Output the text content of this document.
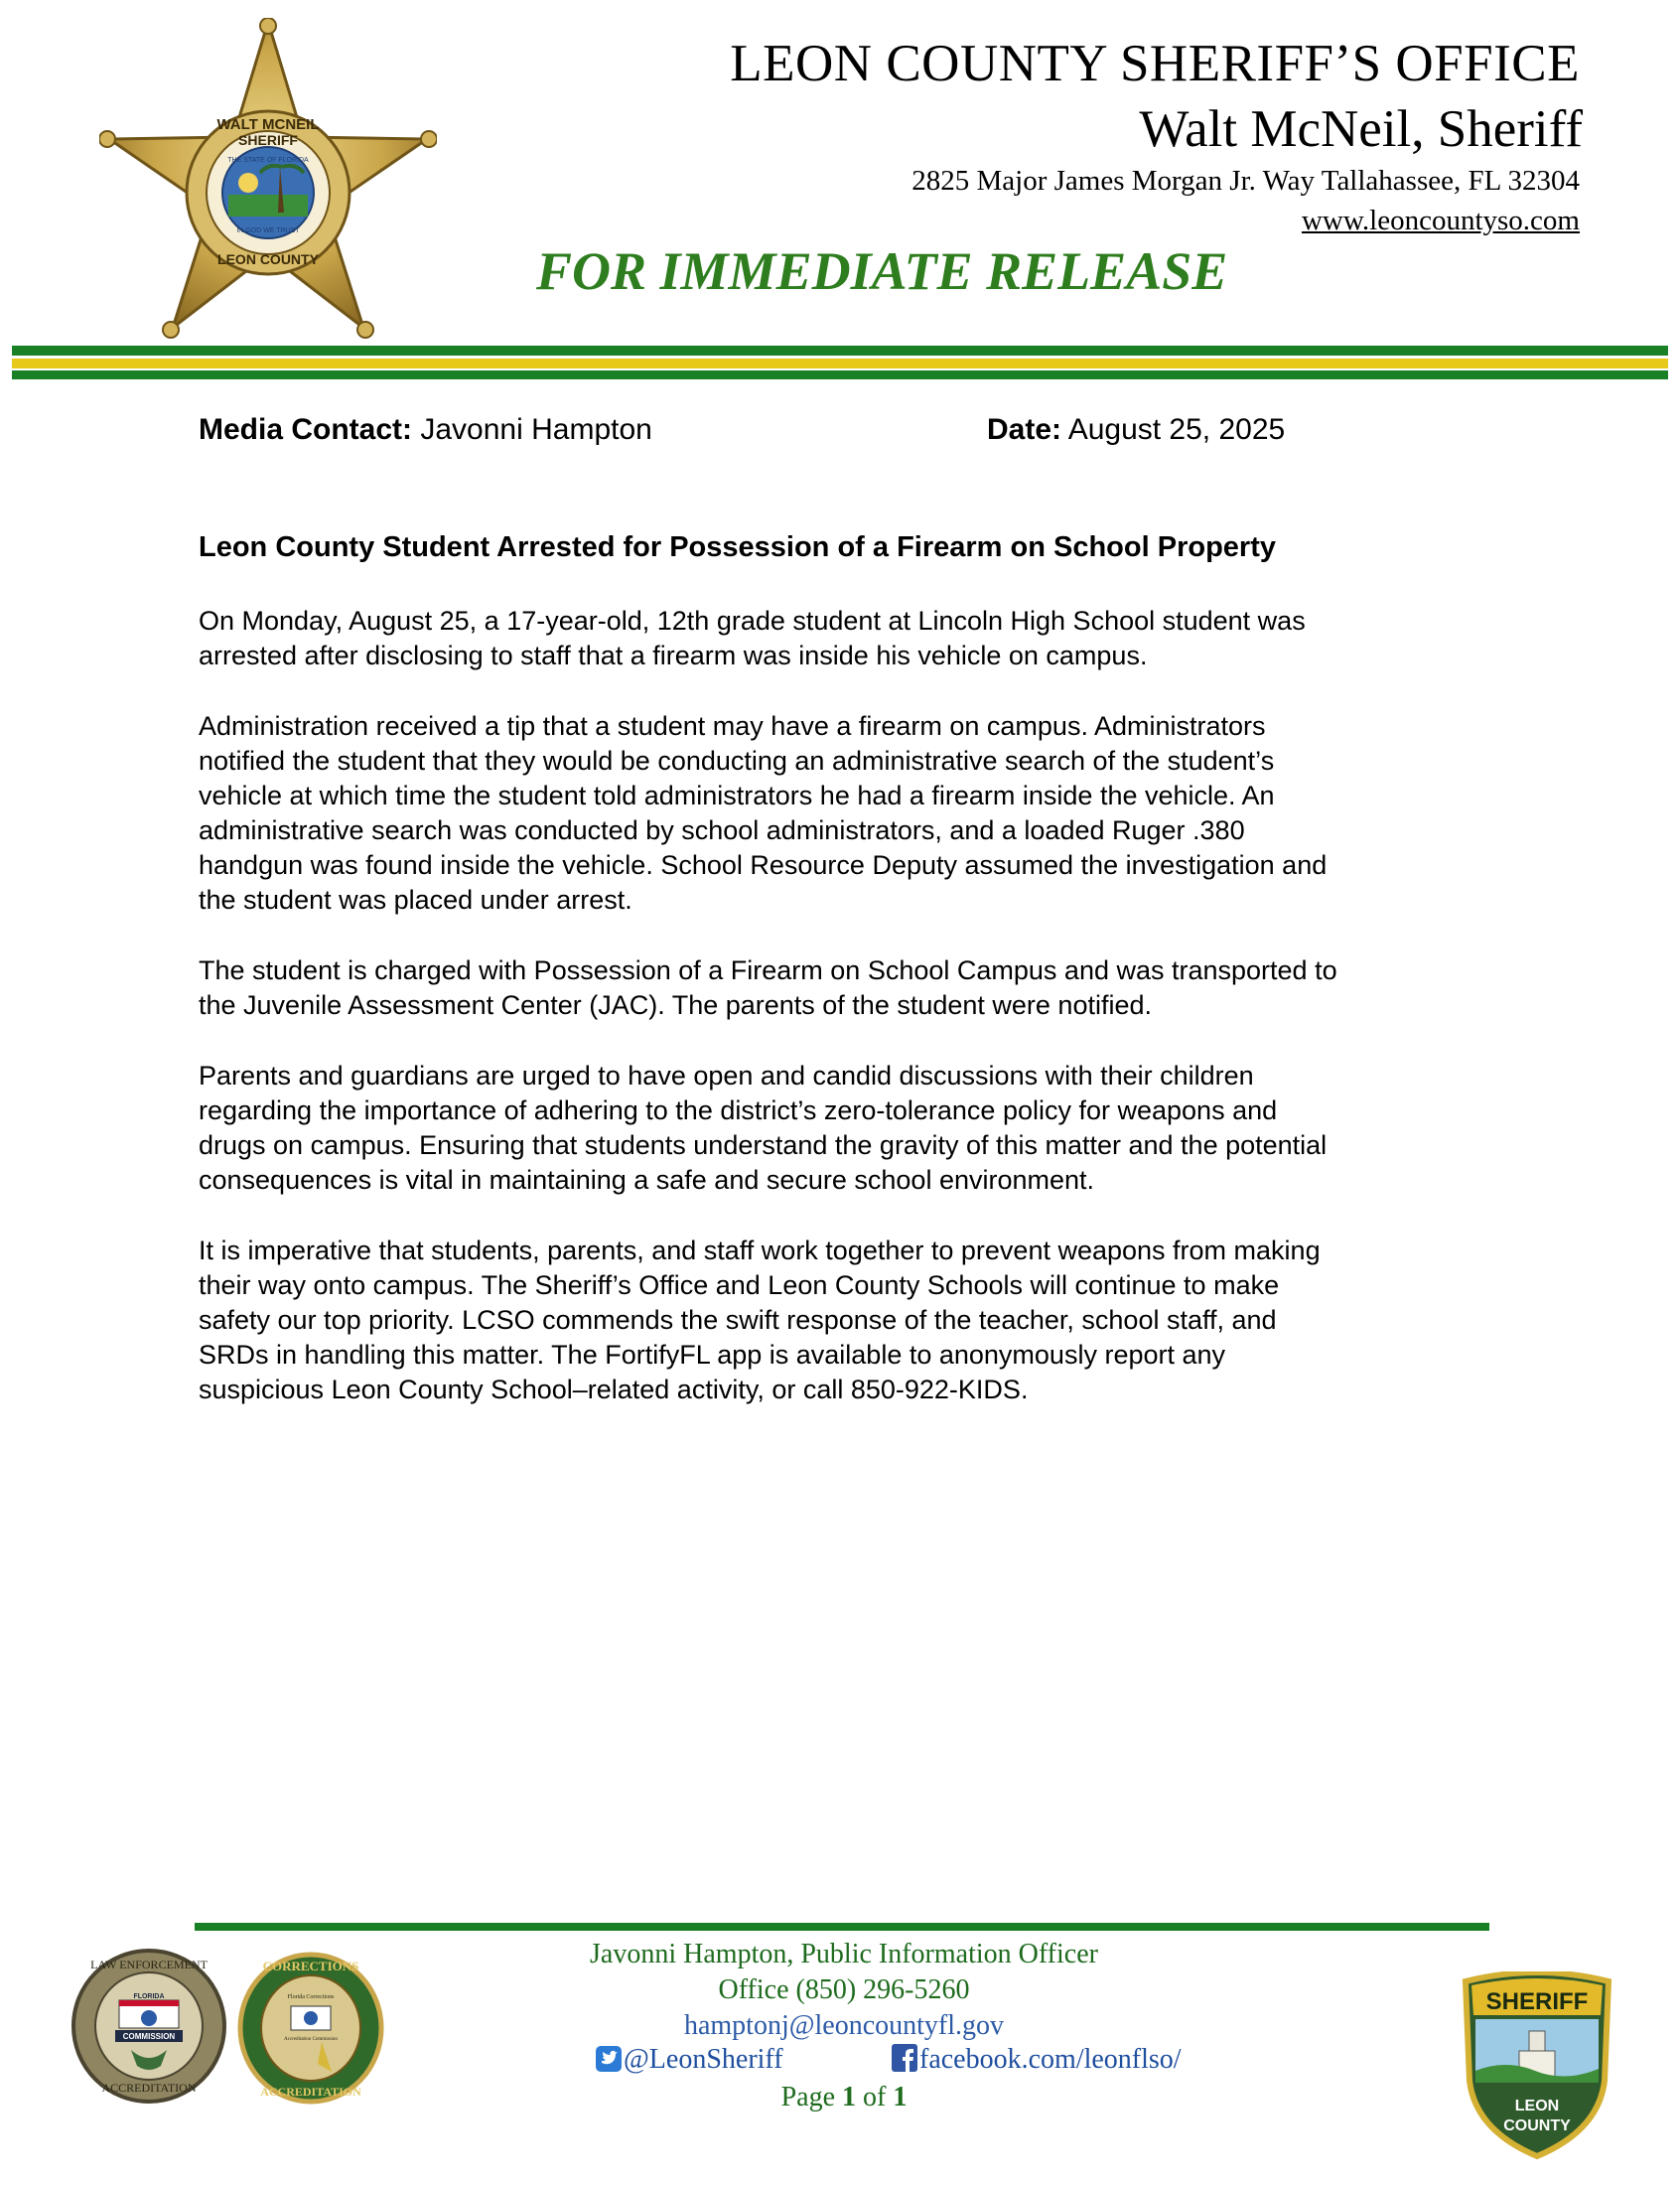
WALT MCNEIL
SHERIFF
THE STATE OF FLORIDA
IN GOD WE TRUST
LEON COUNTY
LEON COUNTY SHERIFF’S OFFICE
Walt McNeil, Sheriff
2825 Major James Morgan Jr. Way Tallahassee, FL 32304
www.leoncountyso.com
FOR IMMEDIATE RELEASE
Media Contact: Javonni Hampton	Date: August 25, 2025
Leon County Student Arrested for Possession of a Firearm on School Property

On Monday, August 25, a 17-year-old, 12th grade student at Lincoln High School student was
arrested after disclosing to staff that a firearm was inside his vehicle on campus.

Administration received a tip that a student may have a firearm on campus. Administrators
notified the student that they would be conducting an administrative search of the student’s
vehicle at which time the student told administrators he had a firearm inside the vehicle. An
administrative search was conducted by school administrators, and a loaded Ruger .380
handgun was found inside the vehicle. School Resource Deputy assumed the investigation and
the student was placed under arrest.

The student is charged with Possession of a Firearm on School Campus and was transported to
the Juvenile Assessment Center (JAC). The parents of the student were notified.

Parents and guardians are urged to have open and candid discussions with their children
regarding the importance of adhering to the district’s zero-tolerance policy for weapons and
drugs on campus. Ensuring that students understand the gravity of this matter and the potential
consequences is vital in maintaining a safe and secure school environment.

It is imperative that students, parents, and staff work together to prevent weapons from making
their way onto campus. The Sheriff’s Office and Leon County Schools will continue to make
safety our top priority. LCSO commends the swift response of the teacher, school staff, and
SRDs in handling this matter. The FortifyFL app is available to anonymously report any
suspicious Leon County School–related activity, or call 850-922-KIDS.

COMMISSION
FLORIDA
LAW ENFORCEMENT
ACCREDITATION
Florida Corrections
Accreditation Commission
CORRECTIONS
ACCREDITATION
Javonni Hampton, Public Information Officer
Office (850) 296-5260
hamptonj@leoncountyfl.gov
@LeonSheriff	facebook.com/leonflso/
Page 1 of 1
SHERIFF
LEON
COUNTY
